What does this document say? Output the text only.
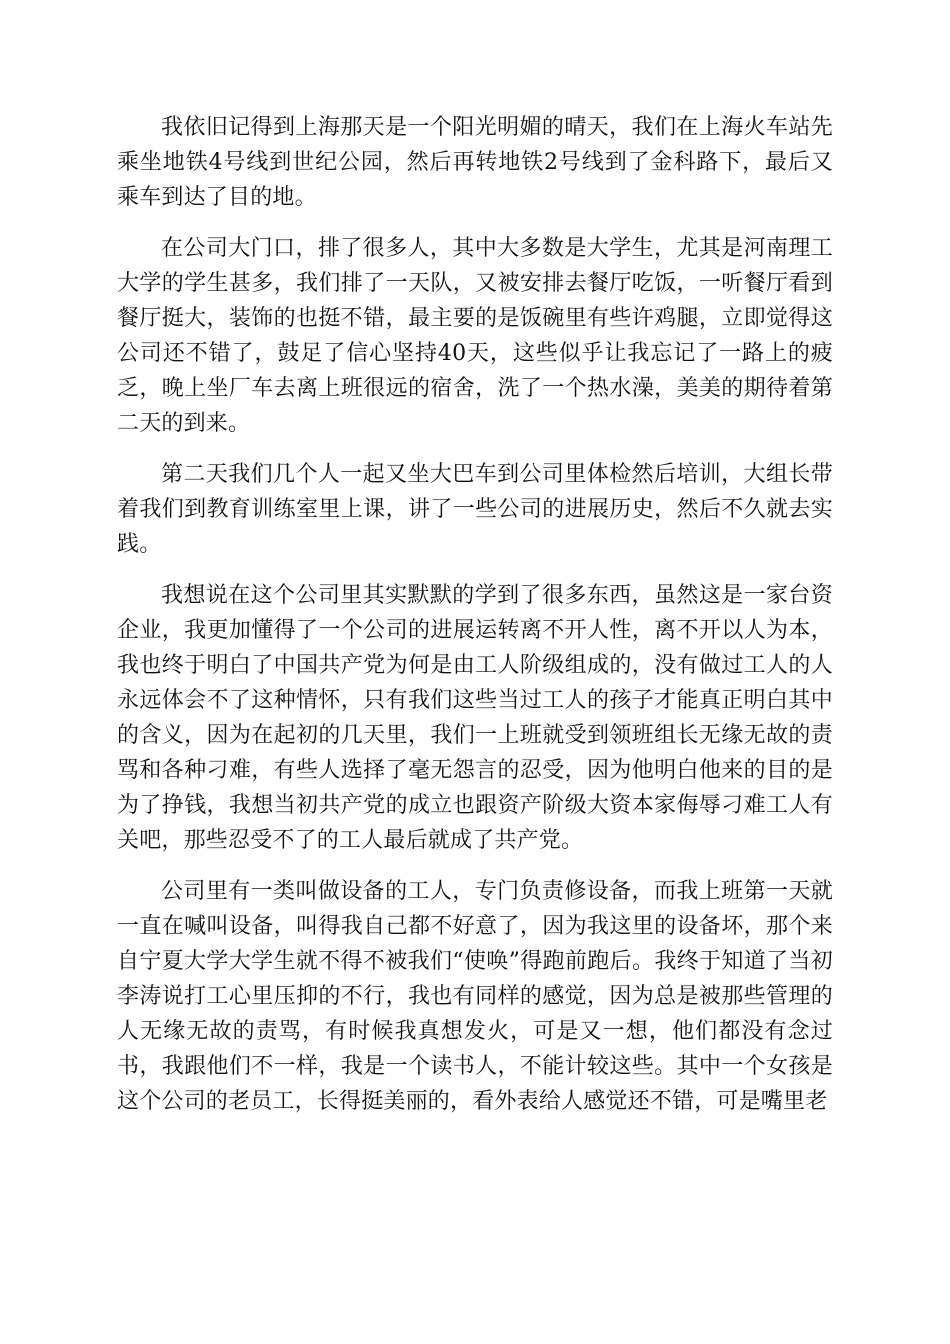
我依旧记得到上海那天是一个阳光明媚的晴天，我们在上海火车站先乘坐地铁4号线到世纪公园，然后再转地铁2号线到了金科路下，最后又乘车到达了目的地。

在公司大门口，排了很多人，其中大多数是大学生，尤其是河南理工大学的学生甚多，我们排了一天队，又被安排去餐厅吃饭，一听餐厅看到餐厅挺大，装饰的也挺不错，最主要的是饭碗里有些许鸡腿，立即觉得这公司还不错了，鼓足了信心坚持40天，这些似乎让我忘记了一路上的疲乏，晚上坐厂车去离上班很远的宿舍，洗了一个热水澡，美美的期待着第二天的到来。

第二天我们几个人一起又坐大巴车到公司里体检然后培训，大组长带着我们到教育训练室里上课，讲了一些公司的进展历史，然后不久就去实践。

我想说在这个公司里其实默默的学到了很多东西，虽然这是一家台资企业，我更加懂得了一个公司的进展运转离不开人性，离不开以人为本，我也终于明白了中国共产党为何是由工人阶级组成的，没有做过工人的人永远体会不了这种情怀，只有我们这些当过工人的孩子才能真正明白其中的含义，因为在起初的几天里，我们一上班就受到领班组长无缘无故的责骂和各种刁难，有些人选择了毫无怨言的忍受，因为他明白他来的目的是为了挣钱，我想当初共产党的成立也跟资产阶级大资本家侮辱刁难工人有关吧，那些忍受不了的工人最后就成了共产党。

公司里有一类叫做设备的工人，专门负责修设备，而我上班第一天就一直在喊叫设备，叫得我自己都不好意了，因为我这里的设备坏，那个来自宁夏大学大学生就不得不被我们“使唤”得跑前跑后。我终于知道了当初李涛说打工心里压抑的不行，我也有同样的感觉，因为总是被那些管理的人无缘无故的责骂，有时候我真想发火，可是又一想，他们都没有念过书，我跟他们不一样，我是一个读书人，不能计较这些。其中一个女孩是这个公司的老员工，长得挺美丽的，看外表给人感觉还不错，可是嘴里老
